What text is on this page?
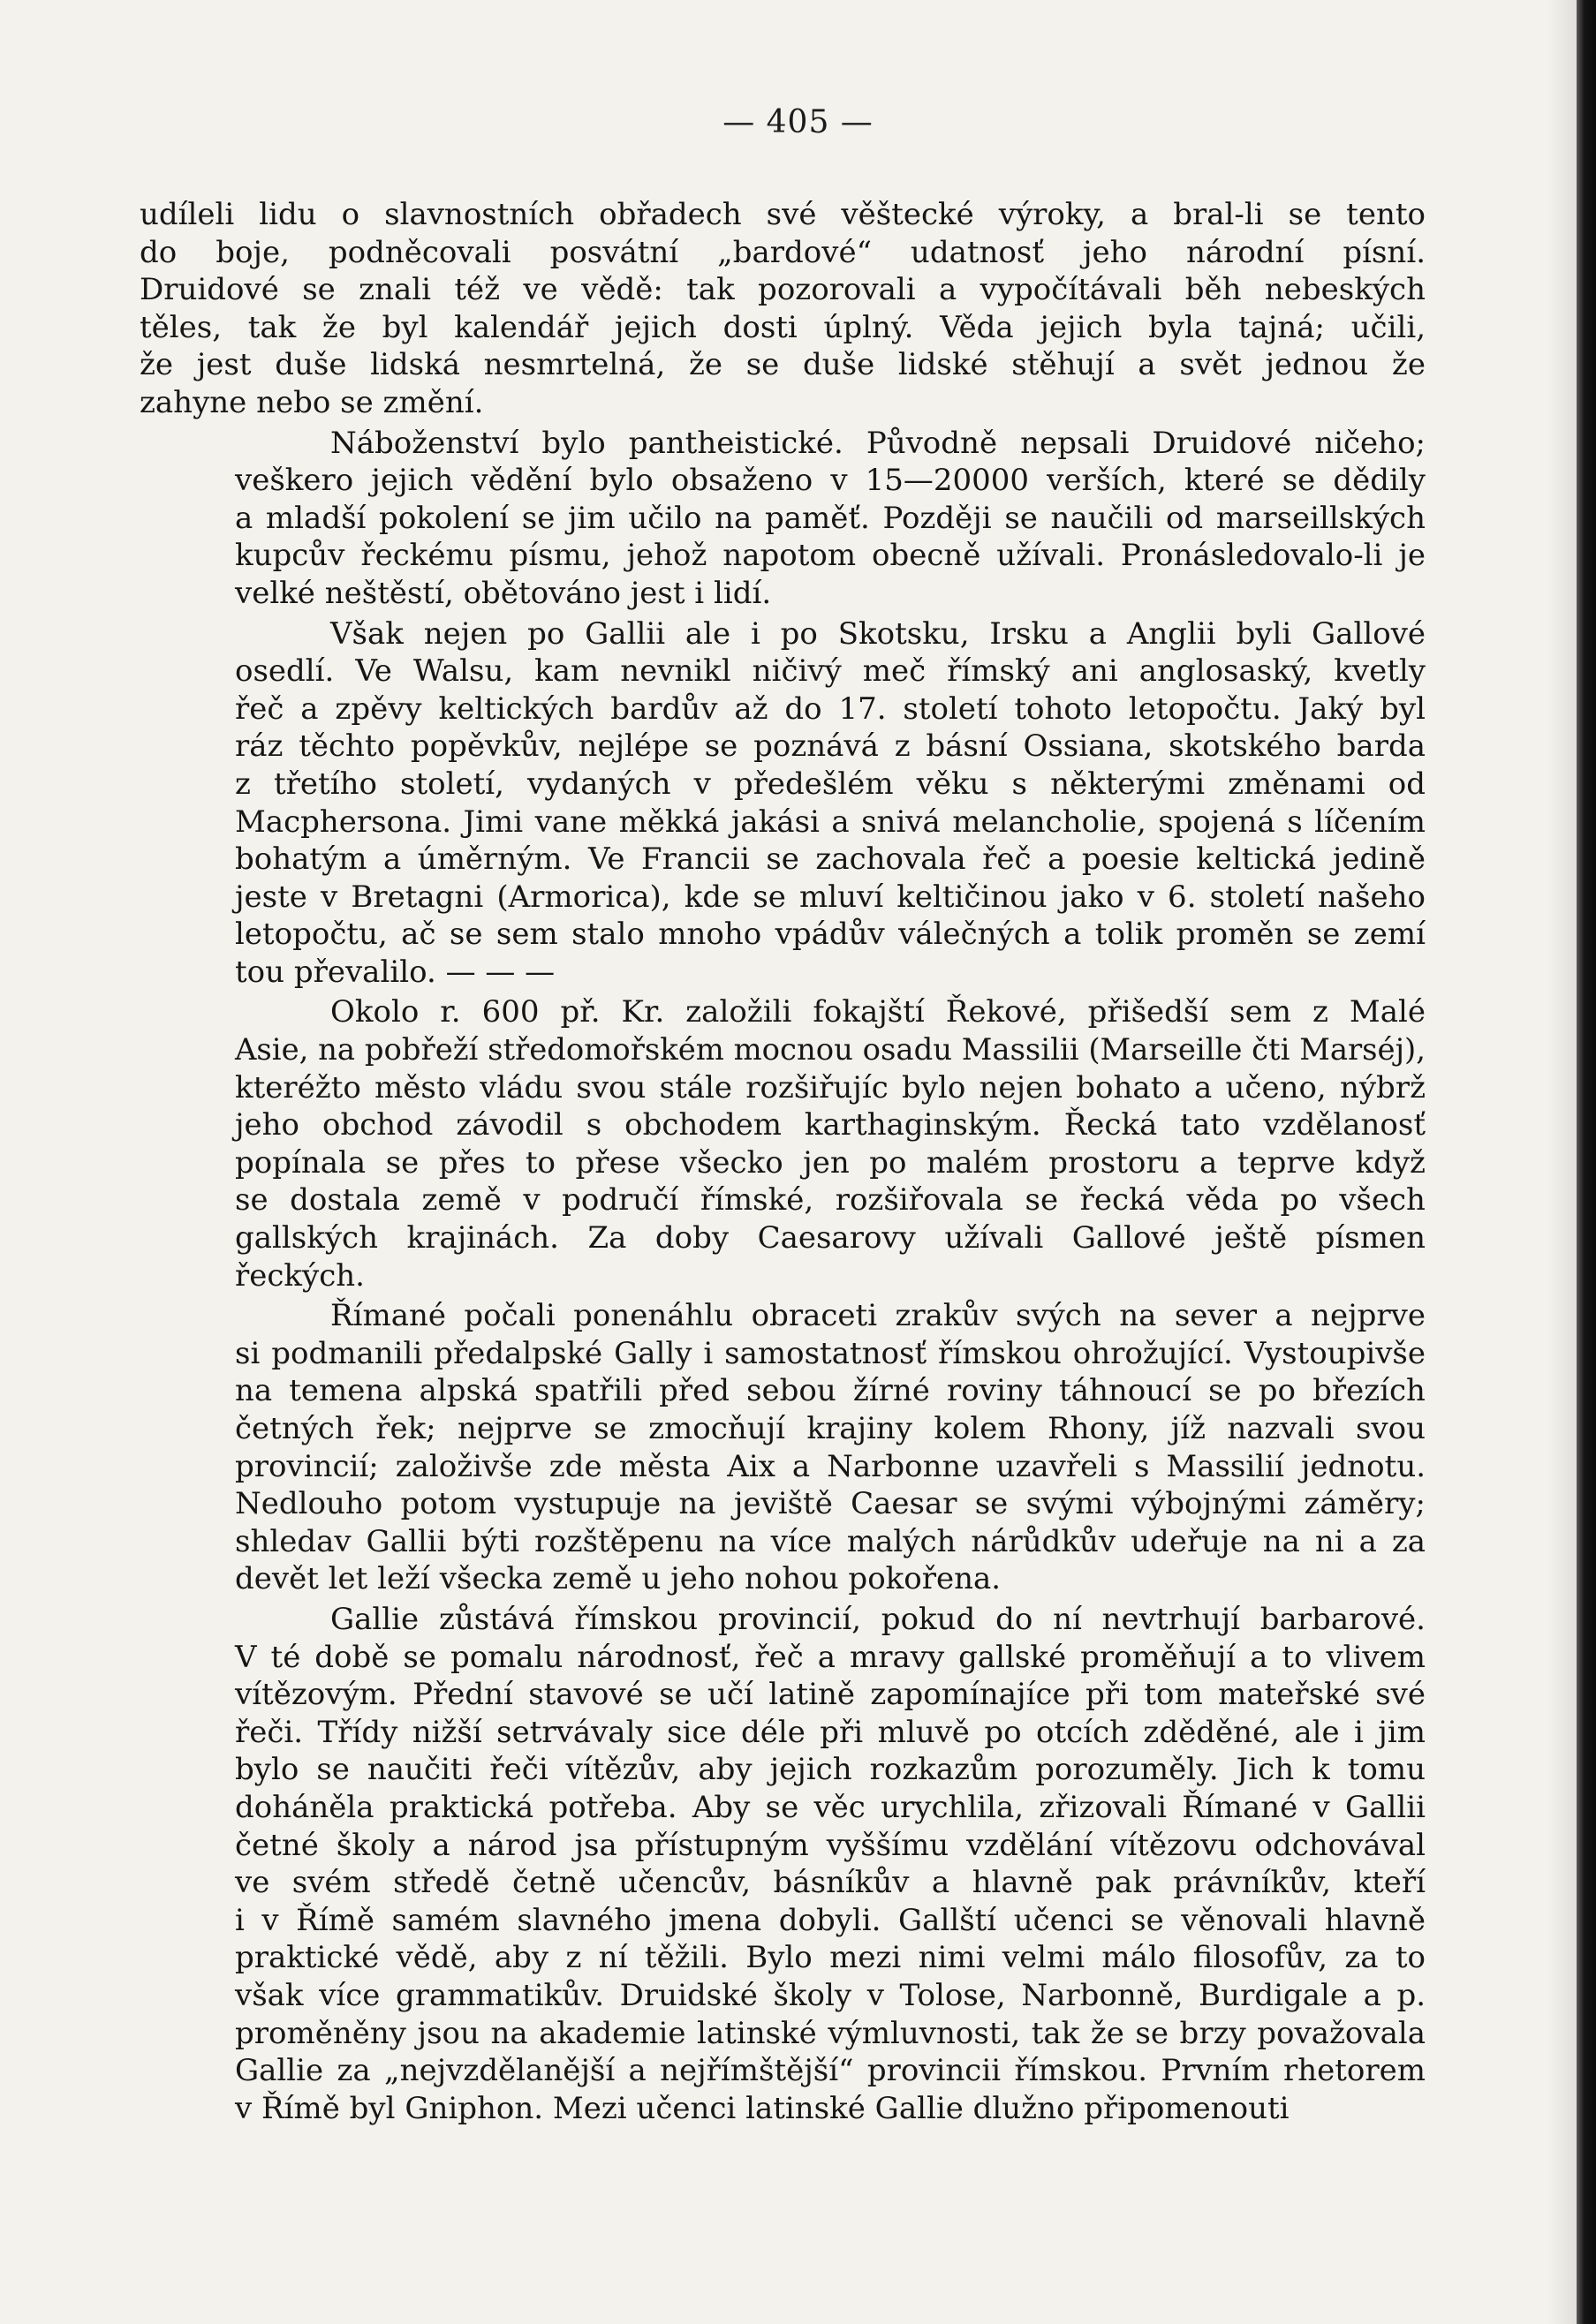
— 405 —
udíleli lidu o slavnostních obřadech své věštecké výroky, a bral-li se tento
do boje, podněcovali posvátní „bardové“ udatnosť jeho národní písní.
Druidové se znali též ve vědě: tak pozorovali a vypočítávali běh nebeských
těles, tak že byl kalendář jejich dosti úplný. Věda jejich byla tajná; učili,
že jest duše lidská nesmrtelná, že se duše lidské stěhují a svět jednou že
zahyne nebo se změní.
Náboženství bylo pantheistické. Původně nepsali Druidové ničeho;
veškero jejich vědění bylo obsaženo v 15—20000 verších, které se dědily
a mladší pokolení se jim učilo na paměť. Později se naučili od marseillských
kupcův řeckému písmu, jehož napotom obecně užívali. Pronásledovalo-li je
velké neštěstí, obětováno jest i lidí.
Však nejen po Gallii ale i po Skotsku, Irsku a Anglii byli Gallové
osedlí. Ve Walsu, kam nevnikl ničivý meč římský ani anglosaský, kvetly
řeč a zpěvy keltických bardův až do 17. století tohoto letopočtu. Jaký byl
ráz těchto popěvkův, nejlépe se poznává z básní Ossiana, skotského barda
z třetího století, vydaných v předešlém věku s některými změnami od
Macphersona. Jimi vane měkká jakási a snivá melancholie, spojená s líčením
bohatým a úměrným. Ve Francii se zachovala řeč a poesie keltická jedině
jeste v Bretagni (Armorica), kde se mluví keltičinou jako v 6. století našeho
letopočtu, ač se sem stalo mnoho vpádův válečných a tolik proměn se zemí
tou převalilo. — — —
Okolo r. 600 př. Kr. založili fokajští Řekové, přišedší sem z Malé
Asie, na pobřeží středomořském mocnou osadu Massilii (Marseille čti Marséj),
kteréžto město vládu svou stále rozšiřujíc bylo nejen bohato a učeno, nýbrž
jeho obchod závodil s obchodem karthaginským. Řecká tato vzdělanosť
popínala se přes to přese všecko jen po malém prostoru a teprve když
se dostala země v područí římské, rozšiřovala se řecká věda po všech
gallských krajinách. Za doby Caesarovy užívali Gallové ještě písmen
řeckých.
Římané počali ponenáhlu obraceti zrakův svých na sever a nejprve
si podmanili předalpské Gally i samostatnosť římskou ohrožující. Vystoupivše
na temena alpská spatřili před sebou žírné roviny táhnoucí se po březích
četných řek; nejprve se zmocňují krajiny kolem Rhony, jíž nazvali svou
provincií; založivše zde města Aix a Narbonne uzavřeli s Massilií jednotu.
Nedlouho potom vystupuje na jeviště Caesar se svými výbojnými záměry;
shledav Gallii býti rozštěpenu na více malých nárůdkův udeřuje na ni a za
devět let leží všecka země u jeho nohou pokořena.
Gallie zůstává římskou provincií, pokud do ní nevtrhují barbarové.
V té době se pomalu národnosť, řeč a mravy gallské proměňují a to vlivem
vítězovým. Přední stavové se učí latině zapomínajíce při tom mateřské své
řeči. Třídy nižší setrvávaly sice déle při mluvě po otcích zděděné, ale i jim
bylo se naučiti řeči vítězův, aby jejich rozkazům porozuměly. Jich k tomu
doháněla praktická potřeba. Aby se věc urychlila, zřizovali Římané v Gallii
četné školy a národ jsa přístupným vyššímu vzdělání vítězovu odchovával
ve svém středě četně učencův, básníkův a hlavně pak právníkův, kteří
i v Římě samém slavného jmena dobyli. Gallští učenci se věnovali hlavně
praktické vědě, aby z ní těžili. Bylo mezi nimi velmi málo filosofův, za to
však více grammatikův. Druidské školy v Tolose, Narbonně, Burdigale a p.
proměněny jsou na akademie latinské výmluvnosti, tak že se brzy považovala
Gallie za „nejvzdělanější a nejřímštější“ provincii římskou. Prvním rhetorem
v Římě byl Gniphon. Mezi učenci latinské Gallie dlužno připomenouti
